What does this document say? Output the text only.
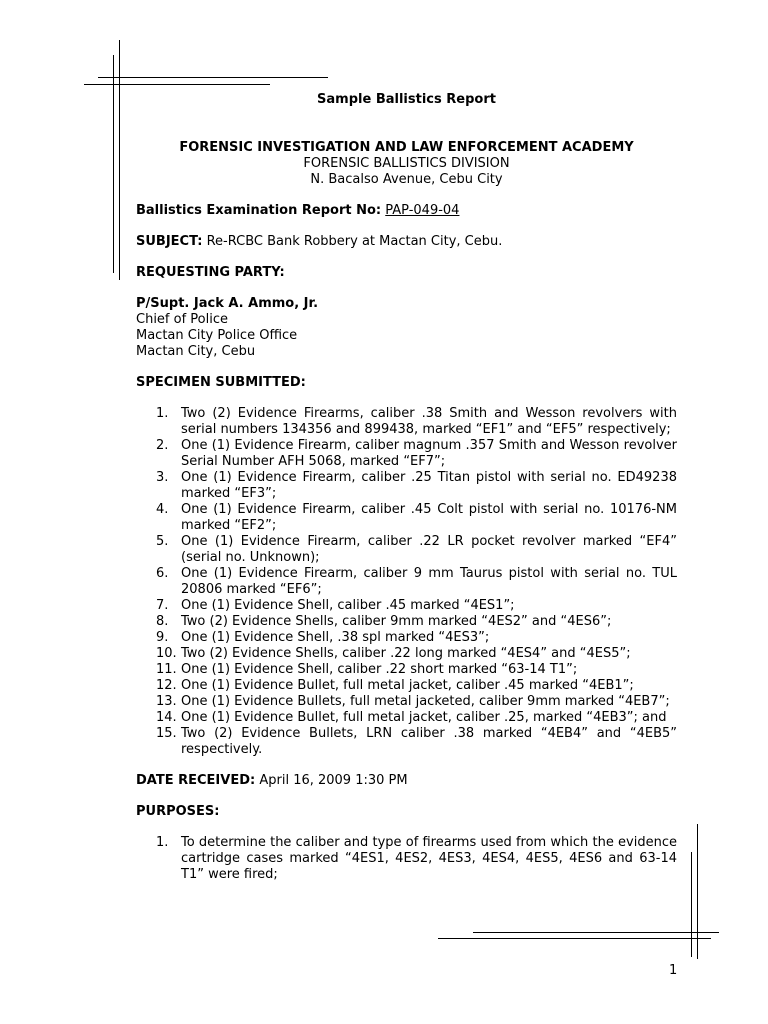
Sample Ballistics Report
FORENSIC INVESTIGATION AND LAW ENFORCEMENT ACADEMY
FORENSIC BALLISTICS DIVISION
N. Bacalso Avenue, Cebu City
Ballistics Examination Report No: PAP-049-04
SUBJECT: Re-RCBC Bank Robbery at Mactan City, Cebu.
REQUESTING PARTY:
P/Supt. Jack A. Ammo, Jr.
Chief of Police
Mactan City Police Office
Mactan City, Cebu
SPECIMEN SUBMITTED:
1. Two (2) Evidence Firearms, caliber .38 Smith and Wesson revolvers with serial numbers 134356 and 899438, marked “EF1” and “EF5” respectively;
2. One (1) Evidence Firearm, caliber magnum .357 Smith and Wesson revolver Serial Number AFH 5068, marked “EF7”;
3. One (1) Evidence Firearm, caliber .25 Titan pistol with serial no. ED49238 marked “EF3”;
4. One (1) Evidence Firearm, caliber .45 Colt pistol with serial no. 10176-NM marked “EF2”;
5. One (1) Evidence Firearm, caliber .22 LR pocket revolver marked “EF4” (serial no. Unknown);
6. One (1) Evidence Firearm, caliber 9 mm Taurus pistol with serial no. TUL 20806 marked “EF6”;
7. One (1) Evidence Shell, caliber .45 marked “4ES1”;
8. Two (2) Evidence Shells, caliber 9mm marked “4ES2” and “4ES6”;
9. One (1) Evidence Shell, .38 spl marked “4ES3”;
10. Two (2) Evidence Shells, caliber .22 long marked “4ES4” and “4ES5”;
11. One (1) Evidence Shell, caliber .22 short marked “63-14 T1”;
12. One (1) Evidence Bullet, full metal jacket, caliber .45 marked “4EB1”;
13. One (1) Evidence Bullets, full metal jacketed, caliber 9mm marked “4EB7”;
14. One (1) Evidence Bullet, full metal jacket, caliber .25, marked “4EB3”; and
15. Two (2) Evidence Bullets, LRN caliber .38 marked “4EB4” and “4EB5” respectively.
DATE RECEIVED: April 16, 2009 1:30 PM
PURPOSES:
1. To determine the caliber and type of firearms used from which the evidence cartridge cases marked “4ES1, 4ES2, 4ES3, 4ES4, 4ES5, 4ES6 and 63-14 T1” were fired;
1
